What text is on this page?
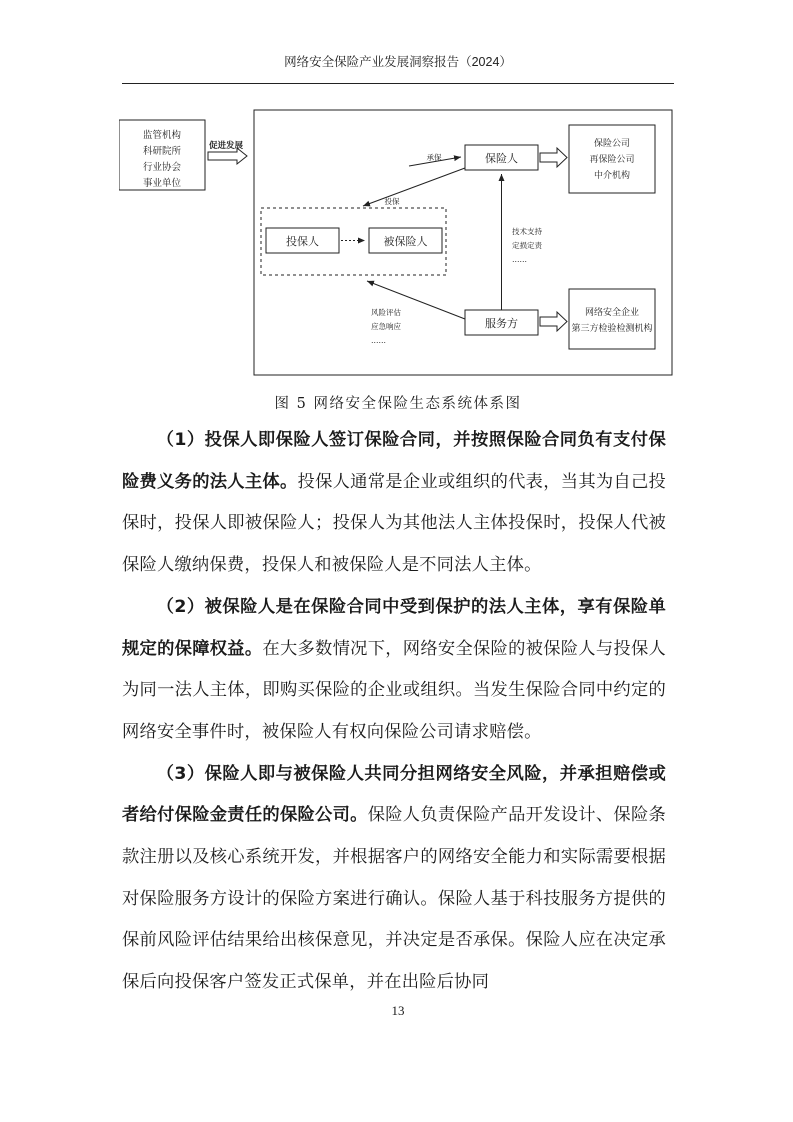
网络安全保险产业发展洞察报告（2024）
监管机构
科研院所
行业协会
事业单位
促进发展
保险人
保险公司
再保险公司
中介机构
承保
投保
投保人	被保险人
技术支持
定损定责
……
服务方
风险评估
应急响应
……
网络安全企业
第三方检验检测机构
图 5 网络安全保险生态系统体系图

（1）投保人即保险人签订保险合同，并按照保险合同负有支付保险费义务的法人主体。投保人通常是企业或组织的代表，当其为自己投保时，投保人即被保险人；投保人为其他法人主体投保时，投保人代被保险人缴纳保费，投保人和被保险人是不同法人主体。

（2）被保险人是在保险合同中受到保护的法人主体，享有保险单规定的保障权益。在大多数情况下，网络安全保险的被保险人与投保人为同一法人主体，即购买保险的企业或组织。当发生保险合同中约定的网络安全事件时，被保险人有权向保险公司请求赔偿。

（3）保险人即与被保险人共同分担网络安全风险，并承担赔偿或者给付保险金责任的保险公司。保险人负责保险产品开发设计、保险条款注册以及核心系统开发，并根据客户的网络安全能力和实际需要根据对保险服务方设计的保险方案进行确认。保险人基于科技服务方提供的保前风险评估结果给出核保意见，并决定是否承保。保险人应在决定承保后向投保客户签发正式保单，并在出险后协同

13
